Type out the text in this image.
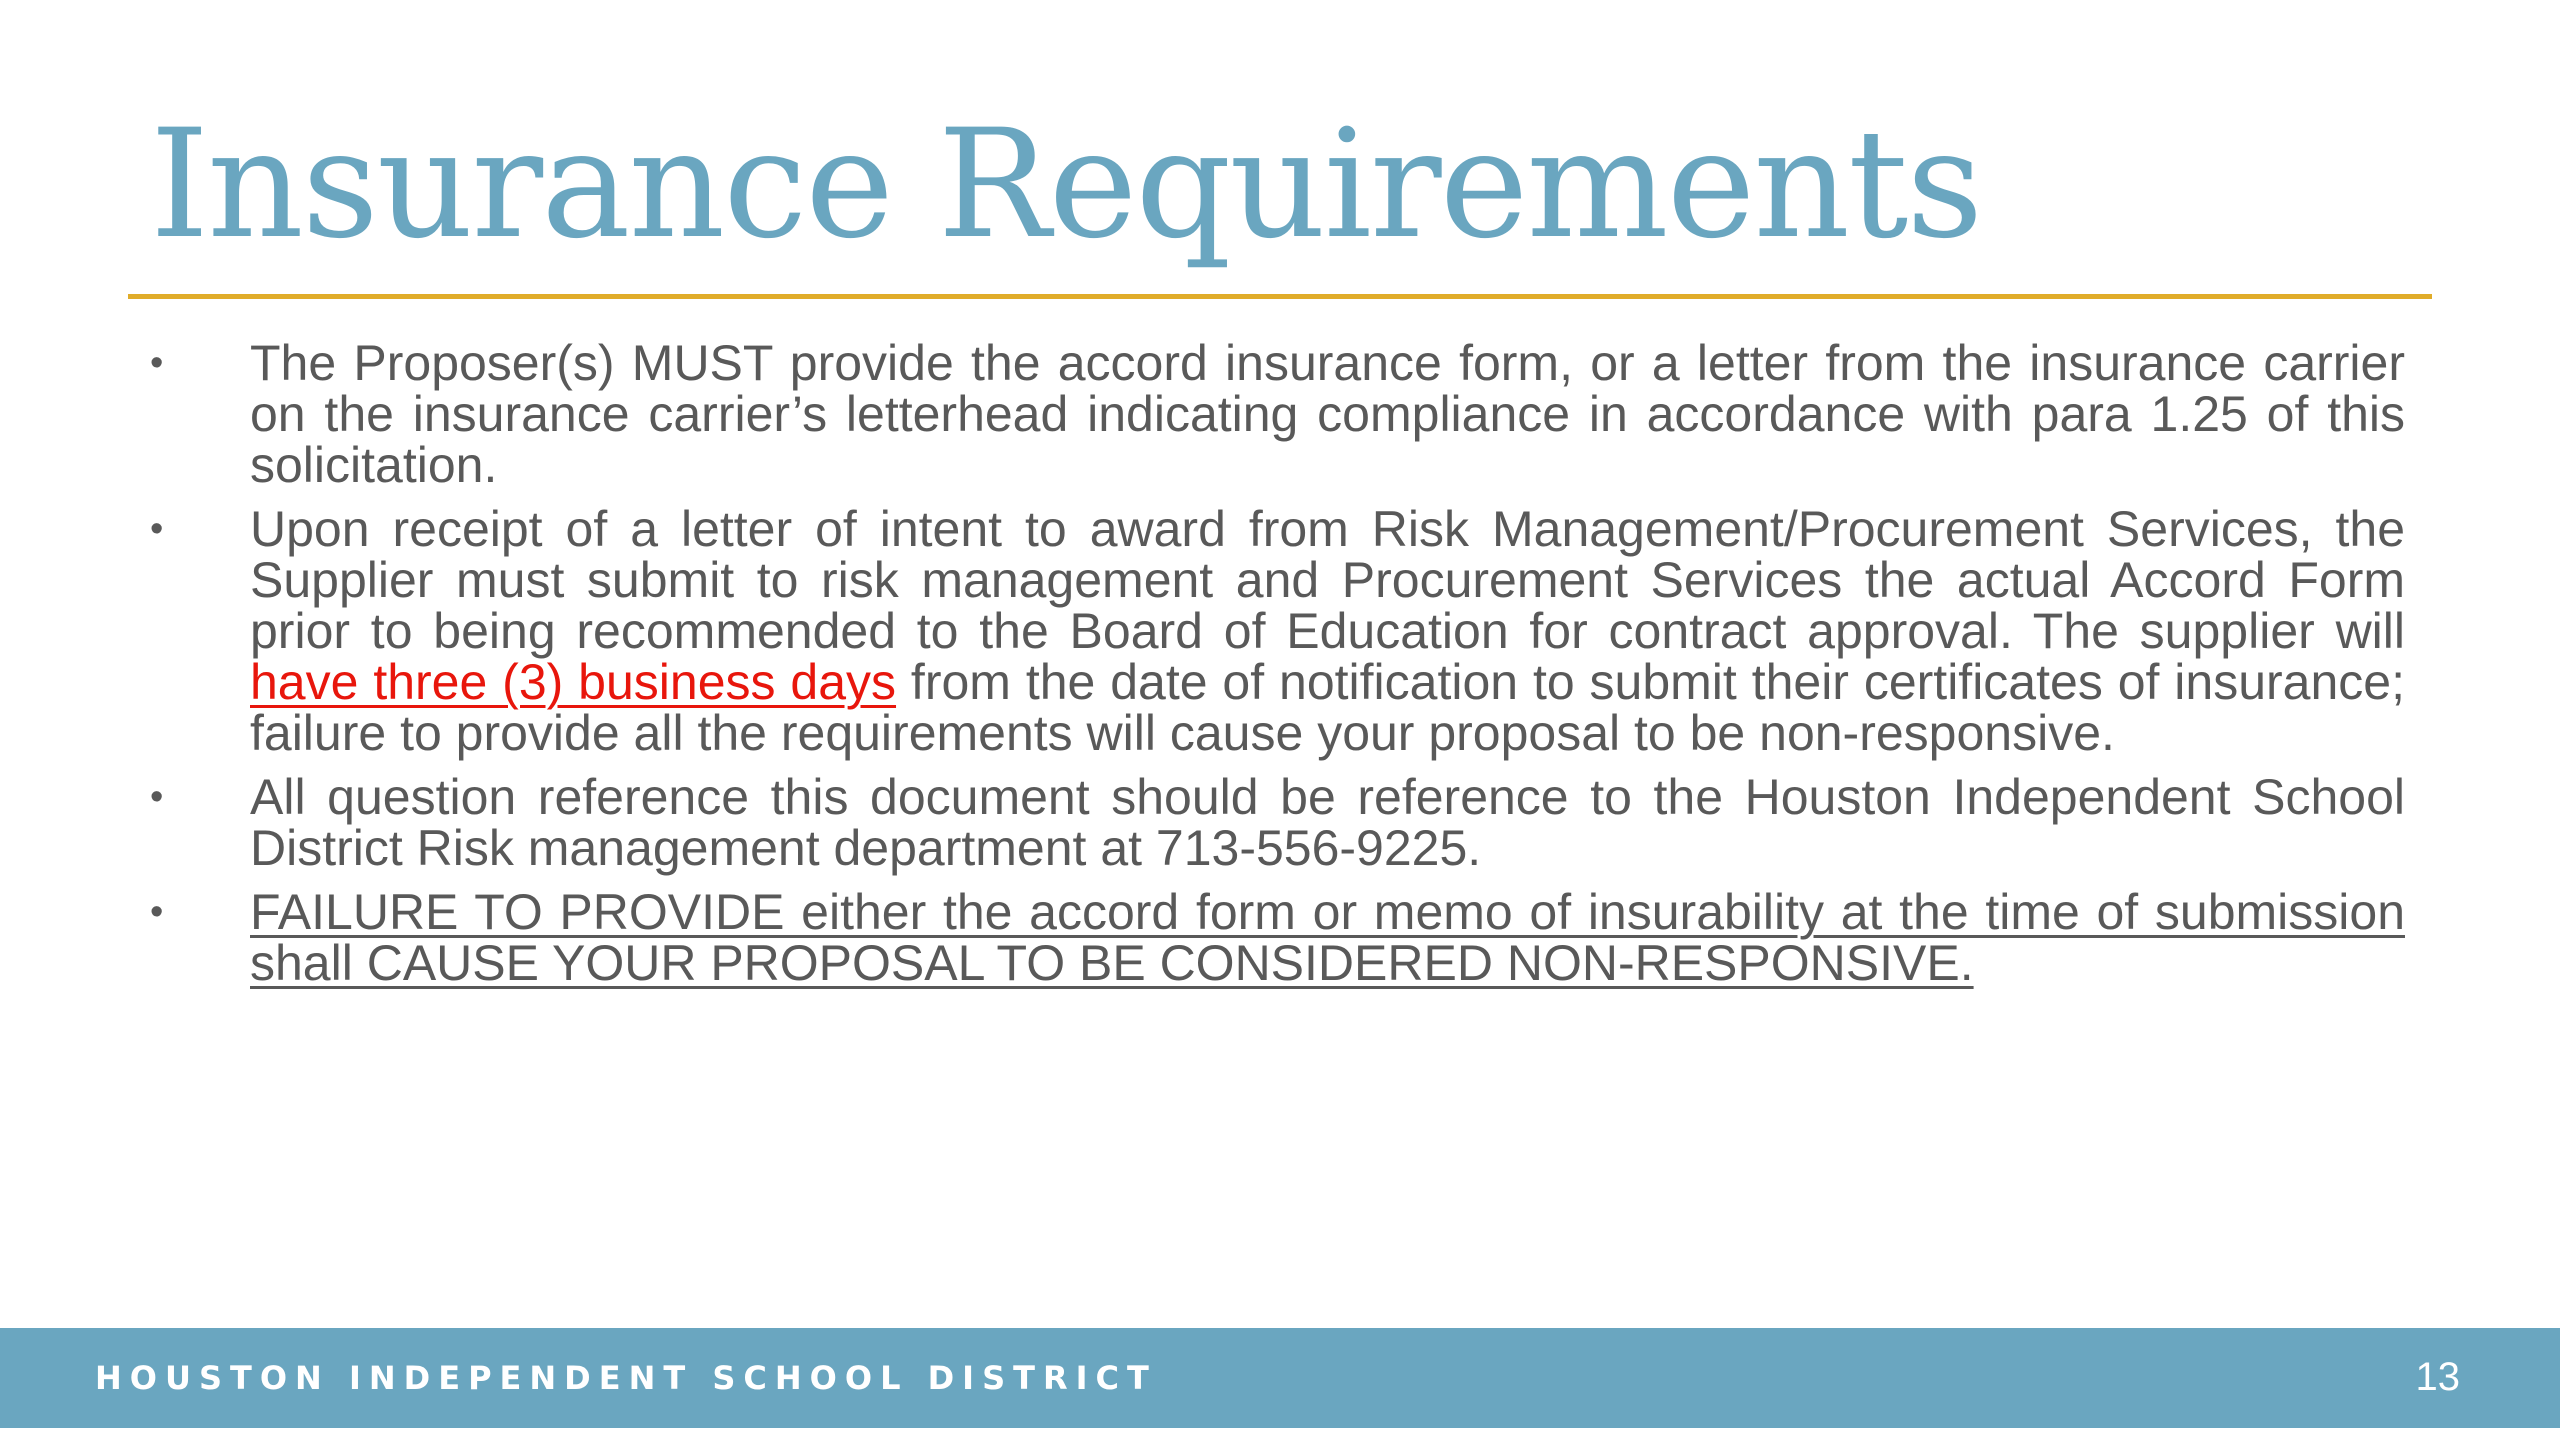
Insurance Requirements
•	The Proposer(s) MUST provide the accord insurance form, or a letter from the insurance carrier on the insurance carrier’s letterhead indicating compliance in accordance with para 1.25 of this solicitation.
•	Upon receipt of a letter of intent to award from Risk Management/Procurement Services, the Supplier must submit to risk management and Procurement Services the actual Accord Form prior to being recommended to the Board of Education for contract approval. The supplier will have three (3) business days from the date of notification to submit their certificates of insurance; failure to provide all the requirements will cause your proposal to be non-responsive.
•	All question reference this document should be reference to the Houston Independent School District Risk management department at 713-556-9225.
•	FAILURE TO PROVIDE either the accord form or memo of insurability at the time of submission shall CAUSE YOUR PROPOSAL TO BE CONSIDERED NON-RESPONSIVE.
HOUSTON INDEPENDENT SCHOOL DISTRICT	13
